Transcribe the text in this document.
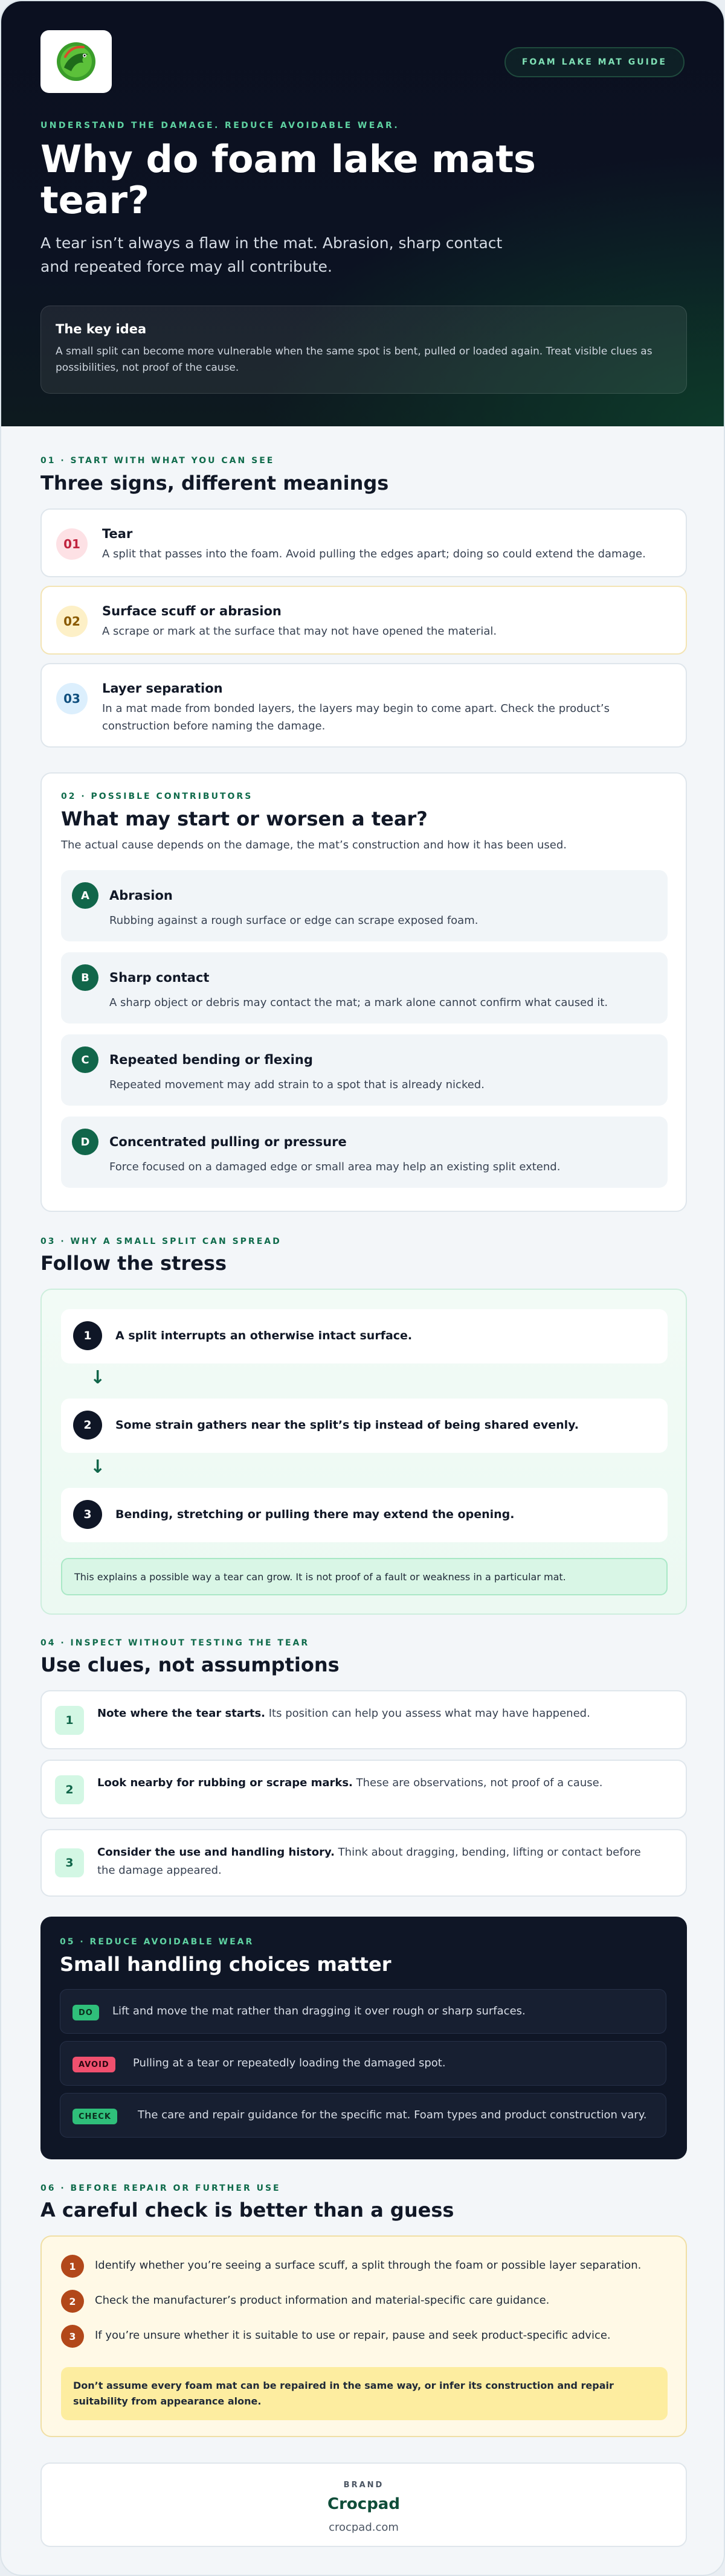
FOAM LAKE MAT GUIDE
UNDERSTAND THE DAMAGE. REDUCE AVOIDABLE WEAR.
Why do foam lake mats tear?
A tear isn’t always a flaw in the mat. Abrasion, sharp contact and repeated force may all contribute.
The key idea
A small split can become more vulnerable when the same spot is bent, pulled or loaded again. Treat visible clues as possibilities, not proof of the cause.
01 · START WITH WHAT YOU CAN SEE
Three signs, different meanings
01
Tear
A split that passes into the foam. Avoid pulling the edges apart; doing so could extend the damage.
02
Surface scuff or abrasion
A scrape or mark at the surface that may not have opened the material.
03
Layer separation
In a mat made from bonded layers, the layers may begin to come apart. Check the product’s construction before naming the damage.
02 · POSSIBLE CONTRIBUTORS
What may start or worsen a tear?
The actual cause depends on the damage, the mat’s construction and how it has been used.
A	Abrasion
Rubbing against a rough surface or edge can scrape exposed foam.
B	Sharp contact
A sharp object or debris may contact the mat; a mark alone cannot confirm what caused it.
C	Repeated bending or flexing
Repeated movement may add strain to a spot that is already nicked.
D	Concentrated pulling or pressure
Force focused on a damaged edge or small area may help an existing split extend.
03 · WHY A SMALL SPLIT CAN SPREAD
Follow the stress
1	A split interrupts an otherwise intact surface.
↓
2	Some strain gathers near the split’s tip instead of being shared evenly.
↓
3	Bending, stretching or pulling there may extend the opening.
This explains a possible way a tear can grow. It is not proof of a fault or weakness in a particular mat.
04 · INSPECT WITHOUT TESTING THE TEAR
Use clues, not assumptions
1
Note where the tear starts. Its position can help you assess what may have happened.
2
Look nearby for rubbing or scrape marks. These are observations, not proof of a cause.
3
Consider the use and handling history. Think about dragging, bending, lifting or contact before the damage appeared.
05 · REDUCE AVOIDABLE WEAR
Small handling choices matter
DO	Lift and move the mat rather than dragging it over rough or sharp surfaces.
AVOID	Pulling at a tear or repeatedly loading the damaged spot.
CHECK	The care and repair guidance for the specific mat. Foam types and product construction vary.
06 · BEFORE REPAIR OR FURTHER USE
A careful check is better than a guess
1	Identify whether you’re seeing a surface scuff, a split through the foam or possible layer separation.
2	Check the manufacturer’s product information and material-specific care guidance.
3	If you’re unsure whether it is suitable to use or repair, pause and seek product-specific advice.
Don’t assume every foam mat can be repaired in the same way, or infer its construction and repair suitability from appearance alone.
BRAND
Crocpad
crocpad.com
